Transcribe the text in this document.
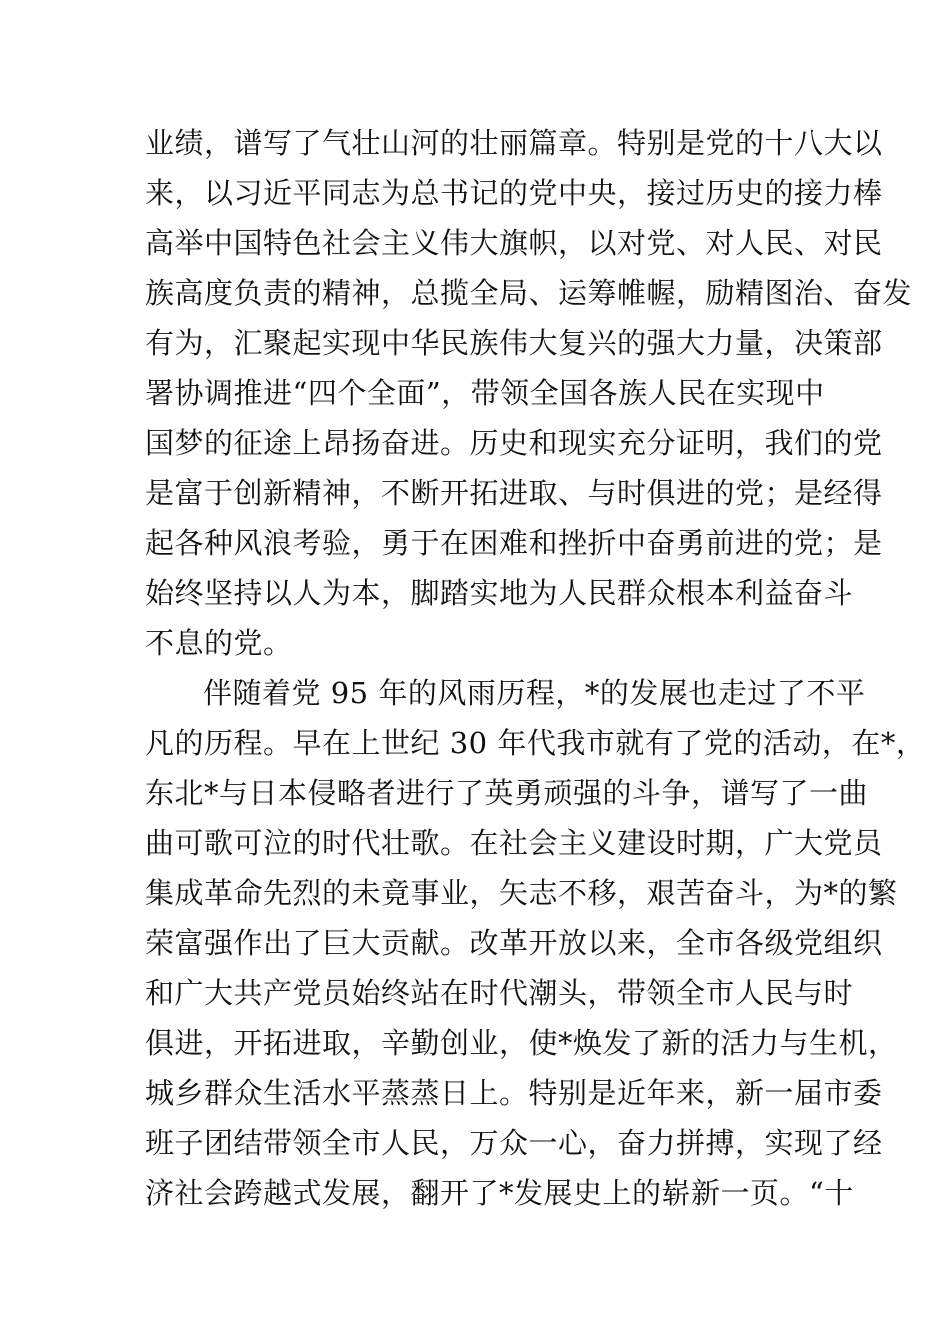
业绩，谱写了气壮山河的壮丽篇章。特别是党的十八大以
来，以习近平同志为总书记的党中央，接过历史的接力棒
高举中国特色社会主义伟大旗帜，以对党、对人民、对民
族高度负责的精神，总揽全局、运筹帷幄，励精图治、奋发
有为，汇聚起实现中华民族伟大复兴的强大力量，决策部
署协调推进“四个全面”，带领全国各族人民在实现中
国梦的征途上昂扬奋进。历史和现实充分证明，我们的党
是富于创新精神，不断开拓进取、与时俱进的党；是经得
起各种风浪考验，勇于在困难和挫折中奋勇前进的党；是
始终坚持以人为本，脚踏实地为人民群众根本利益奋斗
不息的党。
伴随着党 95 年的风雨历程，*的发展也走过了不平
凡的历程。早在上世纪 30 年代我市就有了党的活动，在*，
东北*与日本侵略者进行了英勇顽强的斗争，谱写了一曲
曲可歌可泣的时代壮歌。在社会主义建设时期，广大党员
集成革命先烈的未竟事业，矢志不移，艰苦奋斗，为*的繁
荣富强作出了巨大贡献。改革开放以来，全市各级党组织
和广大共产党员始终站在时代潮头，带领全市人民与时
俱进，开拓进取，辛勤创业，使*焕发了新的活力与生机，
城乡群众生活水平蒸蒸日上。特别是近年来，新一届市委
班子团结带领全市人民，万众一心，奋力拼搏，实现了经
济社会跨越式发展，翻开了*发展史上的崭新一页。“十
